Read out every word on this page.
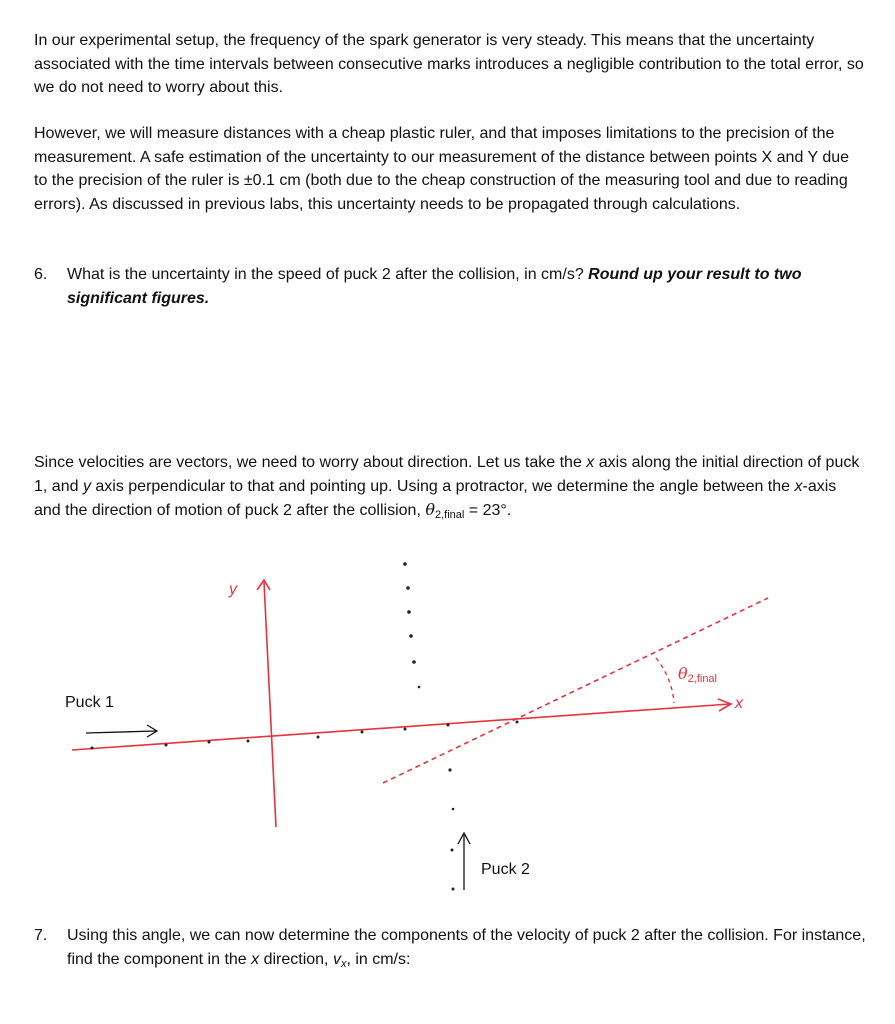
In our experimental setup, the frequency of the spark generator is very steady. This means that the uncertainty associated with the time intervals between consecutive marks introduces a negligible contribution to the total error, so we do not need to worry about this.

However, we will measure distances with a cheap plastic ruler, and that imposes limitations to the precision of the measurement. A safe estimation of the uncertainty to our measurement of the distance between points X and Y due to the precision of the ruler is ±0.1 cm (both due to the cheap construction of the measuring tool and due to reading errors). As discussed in previous labs, this uncertainty needs to be propagated through calculations.

6. What is the uncertainty in the speed of puck 2 after the collision, in cm/s? Round up your result to two significant figures.

Since velocities are vectors, we need to worry about direction. Let us take the x axis along the initial direction of puck 1, and y axis perpendicular to that and pointing up. Using a protractor, we determine the angle between the x-axis and the direction of motion of puck 2 after the collision, $\theta_{2,final} = 23^\circ$.

y
x
$\theta_{2,final}$
Puck 1
Puck 2
7. Using this angle, we can now determine the components of the velocity of puck 2 after the collision. For instance, find the component in the x direction, $v_x$, in cm/s:
